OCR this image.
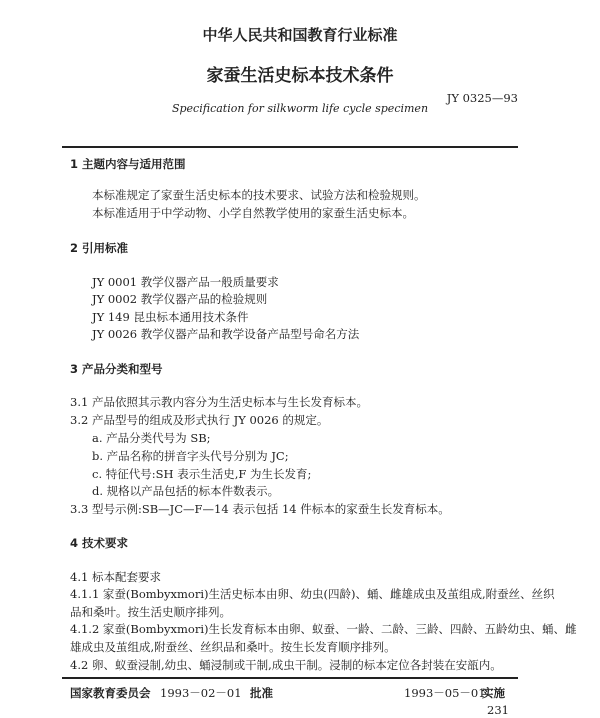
中华人民共和国教育行业标准
家蚕生活史标本技术条件
JY 0325—93
Specification for silkworm life cycle specimen
1 主题内容与适用范围
本标准规定了家蚕生活史标本的技术要求、试验方法和检验规则。
本标准适用于中学动物、小学自然教学使用的家蚕生活史标本。
2 引用标准
JY 0001 教学仪器产品一般质量要求
JY 0002 教学仪器产品的检验规则
JY 149 昆虫标本通用技术条件
JY 0026 教学仪器产品和教学设备产品型号命名方法
3 产品分类和型号
3.1 产品依照其示教内容分为生活史标本与生长发育标本。
3.2 产品型号的组成及形式执行 JY 0026 的规定。
a. 产品分类代号为 SB;
b. 产品名称的拼音字头代号分别为 JC;
c. 特征代号:SH 表示生活史,F 为生长发育;
d. 规格以产品包括的标本件数表示。
3.3 型号示例:SB—JC—F—14 表示包括 14 件标本的家蚕生长发育标本。
4 技术要求
4.1 标本配套要求
4.1.1 家蚕(Bombyxmori)生活史标本由卵、幼虫(四龄)、蛹、雌雄成虫及茧组成,附蚕丝、丝织
品和桑叶。按生活史顺序排列。
4.1.2 家蚕(Bombyxmori)生长发育标本由卵、蚁蚕、一龄、二龄、三龄、四龄、五龄幼虫、蛹、雌
雄成虫及茧组成,附蚕丝、丝织品和桑叶。按生长发育顺序排列。
4.2 卵、蚁蚕浸制,幼虫、蛹浸制或干制,成虫干制。浸制的标本定位各封装在安瓿内。
国家教育委员会 1993－02－01 批准	1993－05－01
实施
231
